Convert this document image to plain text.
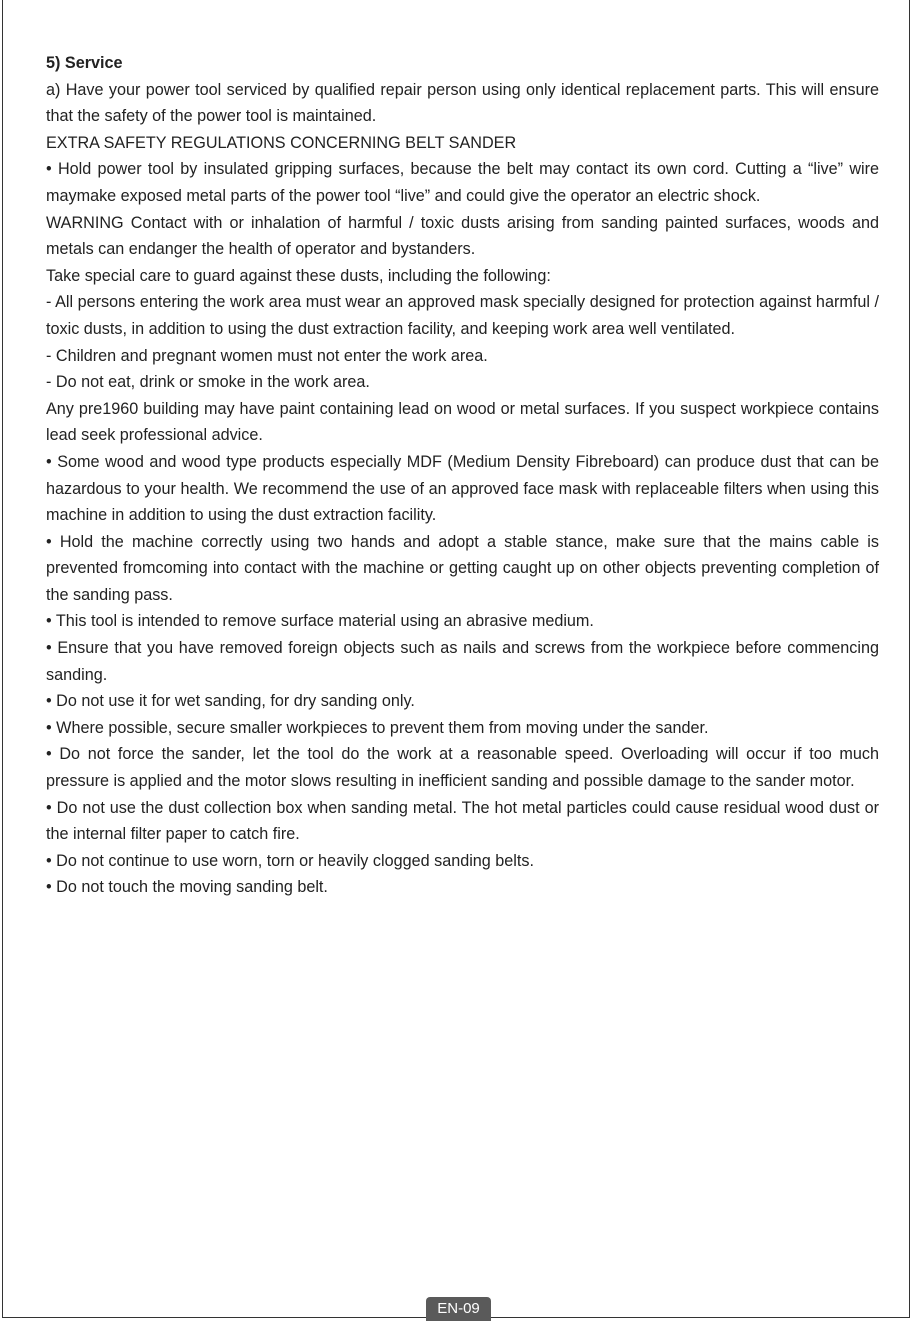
5) Service

a) Have your power tool serviced by qualified repair person using only identical replacement parts. This will ensure that the safety of the power tool is maintained.

EXTRA SAFETY REGULATIONS CONCERNING BELT SANDER

• Hold power tool by insulated gripping surfaces, because the belt may contact its own cord. Cutting a “live” wire maymake exposed metal parts of the power tool “live” and could give the operator an electric shock.

WARNING Contact with or inhalation of harmful / toxic dusts arising from sanding painted surfaces, woods and metals can endanger the health of operator and bystanders.

Take special care to guard against these dusts, including the following:

- All persons entering the work area must wear an approved mask specially designed for protection against harmful / toxic dusts, in addition to using the dust extraction facility, and keeping work area well ventilated.

- Children and pregnant women must not enter the work area.

- Do not eat, drink or smoke in the work area.

Any pre1960 building may have paint containing lead on wood or metal surfaces. If you suspect workpiece contains lead seek professional advice.

• Some wood and wood type products especially MDF (Medium Density Fibreboard) can produce dust that can be hazardous to your health. We recommend the use of an approved face mask with replaceable filters when using this machine in addition to using the dust extraction facility.

• Hold the machine correctly using two hands and adopt a stable stance, make sure that the mains cable is prevented fromcoming into contact with the machine or getting caught up on other objects preventing completion of the sanding pass.

• This tool is intended to remove surface material using an abrasive medium.

• Ensure that you have removed foreign objects such as nails and screws from the workpiece before commencing sanding.

• Do not use it for wet sanding, for dry sanding only.

• Where possible, secure smaller workpieces to prevent them from moving under the sander.

• Do not force the sander, let the tool do the work at a reasonable speed. Overloading will occur if too much pressure is applied and the motor slows resulting in inefficient sanding and possible damage to the sander motor.

• Do not use the dust collection box when sanding metal. The hot metal particles could cause residual wood dust or the internal filter paper to catch fire.

• Do not continue to use worn, torn or heavily clogged sanding belts.

• Do not touch the moving sanding belt.

EN-09
